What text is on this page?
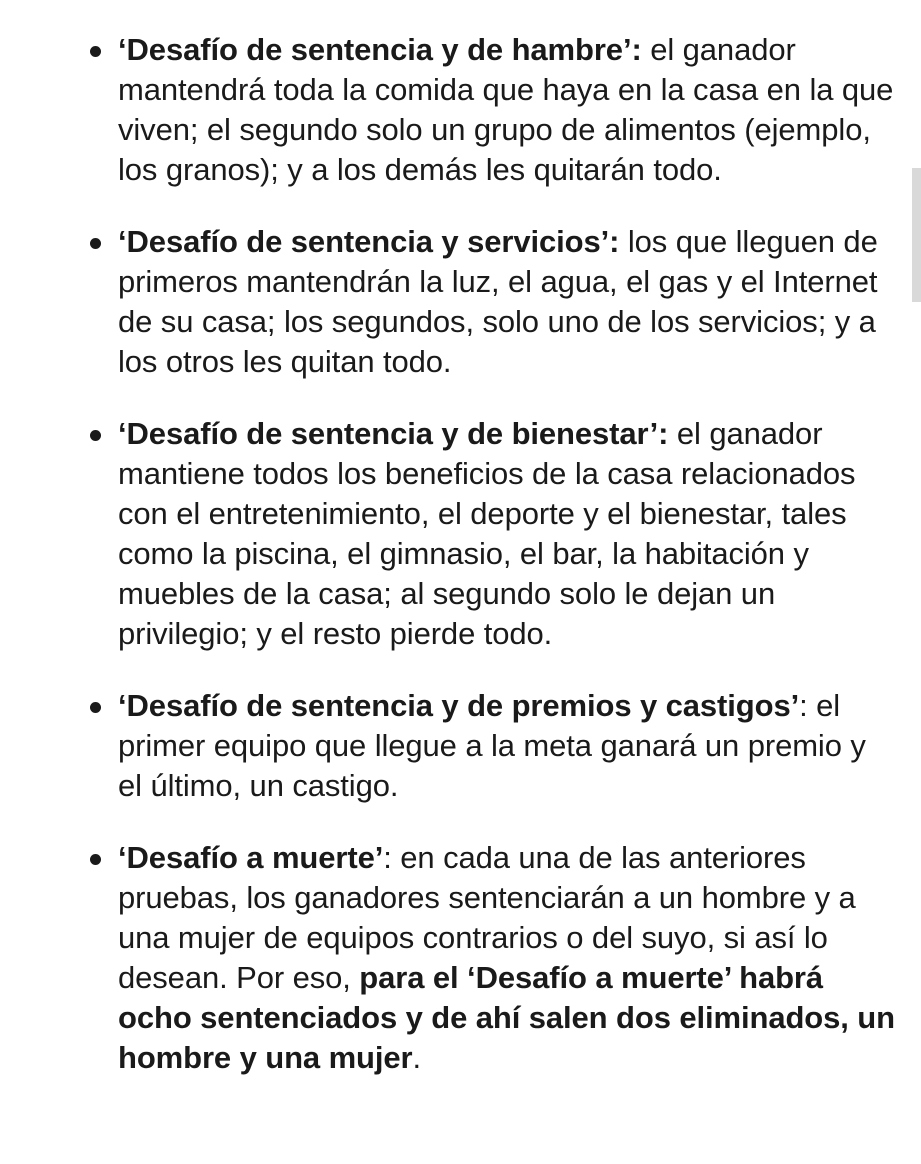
‘Desafío de sentencia y de hambre’: el ganador mantendrá toda la comida que haya en la casa en la que viven; el segundo solo un grupo de alimentos (ejemplo, los granos); y a los demás les quitarán todo.
‘Desafío de sentencia y servicios’: los que lleguen de primeros mantendrán la luz, el agua, el gas y el Internet de su casa; los segundos, solo uno de los servicios; y a los otros les quitan todo.
‘Desafío de sentencia y de bienestar’: el ganador mantiene todos los beneficios de la casa relacionados con el entretenimiento, el deporte y el bienestar, tales como la piscina, el gimnasio, el bar, la habitación y muebles de la casa; al segundo solo le dejan un privilegio; y el resto pierde todo.
‘Desafío de sentencia y de premios y castigos’: el primer equipo que llegue a la meta ganará un premio y el último, un castigo.
‘Desafío a muerte’: en cada una de las anteriores pruebas, los ganadores sentenciarán a un hombre y a una mujer de equipos contrarios o del suyo, si así lo desean. Por eso, para el ‘Desafío a muerte’ habrá ocho sentenciados y de ahí salen dos eliminados, un hombre y una mujer.
